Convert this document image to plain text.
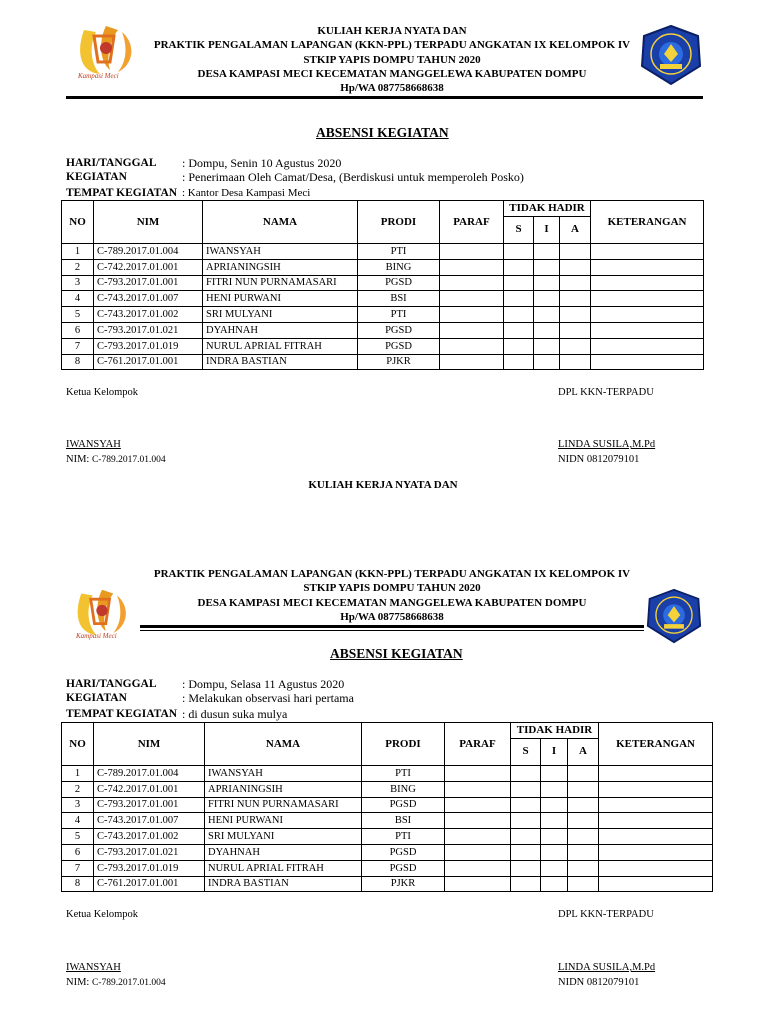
Kampasi Meci
KULIAH KERJA NYATA DAN
PRAKTIK PENGALAMAN LAPANGAN (KKN-PPL) TERPADU ANGKATAN IX KELOMPOK IV
STKIP YAPIS DOMPU TAHUN 2020
DESA KAMPASI MECI KECEMATAN MANGGELEWA KABUPATEN DOMPU
Hp/WA 087758668638
ABSENSI KEGIATAN
HARI/TANGGAL : Dompu, Senin 10 Agustus 2020
KEGIATAN	: Penerimaan Oleh Camat/Desa, (Berdiskusi untuk memperoleh Posko)
TEMPAT KEGIATAN : Kantor Desa Kampasi Meci
NO	NIM	NAMA	PRODI	PARAF	TIDAK HADIR			KETERANGAN
					S	I	A	
1	C-789.2017.01.004	IWANSYAH	PTI					
2	C-742.2017.01.001	APRIANINGSIH	BING					
3	C-793.2017.01.001	FITRI NUN PURNAMASARI	PGSD					
4	C-743.2017.01.007	HENI PURWANI	BSI					
5	C-743.2017.01.002	SRI MULYANI	PTI					
6	C-793.2017.01.021	DYAHNAH	PGSD					
7	C-793.2017.01.019	NURUL APRIAL FITRAH	PGSD					
8	C-761.2017.01.001	INDRA BASTIAN	PJKR					
Ketua Kelompok	DPL KKN-TERPADU
IWANSYAH	LINDA SUSILA,M.Pd
NIM: C-789.2017.01.004	NIDN 0812079101
KULIAH KERJA NYATA DAN
PRAKTIK PENGALAMAN LAPANGAN (KKN-PPL) TERPADU ANGKATAN IX KELOMPOK IV
STKIP YAPIS DOMPU TAHUN 2020
DESA KAMPASI MECI KECEMATAN MANGGELEWA KABUPATEN DOMPU
Hp/WA 087758668638
Kampasi Meci
ABSENSI KEGIATAN
HARI/TANGGAL : Dompu, Selasa 11 Agustus 2020
KEGIATAN	: Melakukan observasi hari pertama
TEMPAT KEGIATAN : di dusun suka mulya
NO	NIM	NAMA	PRODI	PARAF	TIDAK HADIR			KETERANGAN
					S	I	A	
1	C-789.2017.01.004	IWANSYAH	PTI					
2	C-742.2017.01.001	APRIANINGSIH	BING					
3	C-793.2017.01.001	FITRI NUN PURNAMASARI	PGSD					
4	C-743.2017.01.007	HENI PURWANI	BSI					
5	C-743.2017.01.002	SRI MULYANI	PTI					
6	C-793.2017.01.021	DYAHNAH	PGSD					
7	C-793.2017.01.019	NURUL APRIAL FITRAH	PGSD					
8	C-761.2017.01.001	INDRA BASTIAN	PJKR					
Ketua Kelompok	DPL KKN-TERPADU
IWANSYAH	LINDA SUSILA,M.Pd
NIM: C-789.2017.01.004	NIDN 0812079101
